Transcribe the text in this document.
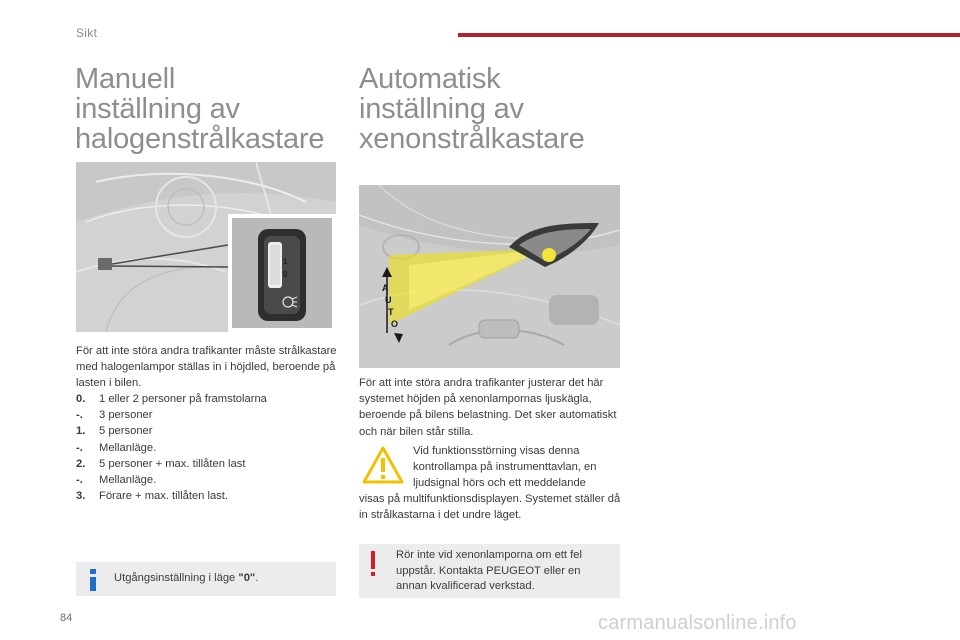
Sikt
Manuell
inställning av
halogenstrålkastare
Automatisk
inställning av
xenonstrålkastare
1
0
A
U
T
O
För att inte störa andra trafikanter måste strålkastare med halogenlampor ställas in i höjdled, beroende på lasten i bilen.
0.	1 eller 2 personer på framstolarna
-.	3 personer
1.	5 personer
-.	Mellanläge.
2.	5 personer + max. tillåten last
-.	Mellanläge.
3.	Förare + max. tillåten last.
Utgångsinställning i läge "0".
För att inte störa andra trafikanter justerar det här systemet höjden på xenonlampornas ljuskägla, beroende på bilens belastning. Det sker automatiskt och när bilen står stilla.
Vid funktionsstörning visas denna kontrollampa på instrumenttavlan, en ljudsignal hörs och ett meddelande
visas på multifunktionsdisplayen. Systemet ställer då in strålkastarna i det undre läget.
Rör inte vid xenonlamporna om ett fel uppstår. Kontakta PEUGEOT eller en annan kvalificerad verkstad.
84	carmanualsonline.info
